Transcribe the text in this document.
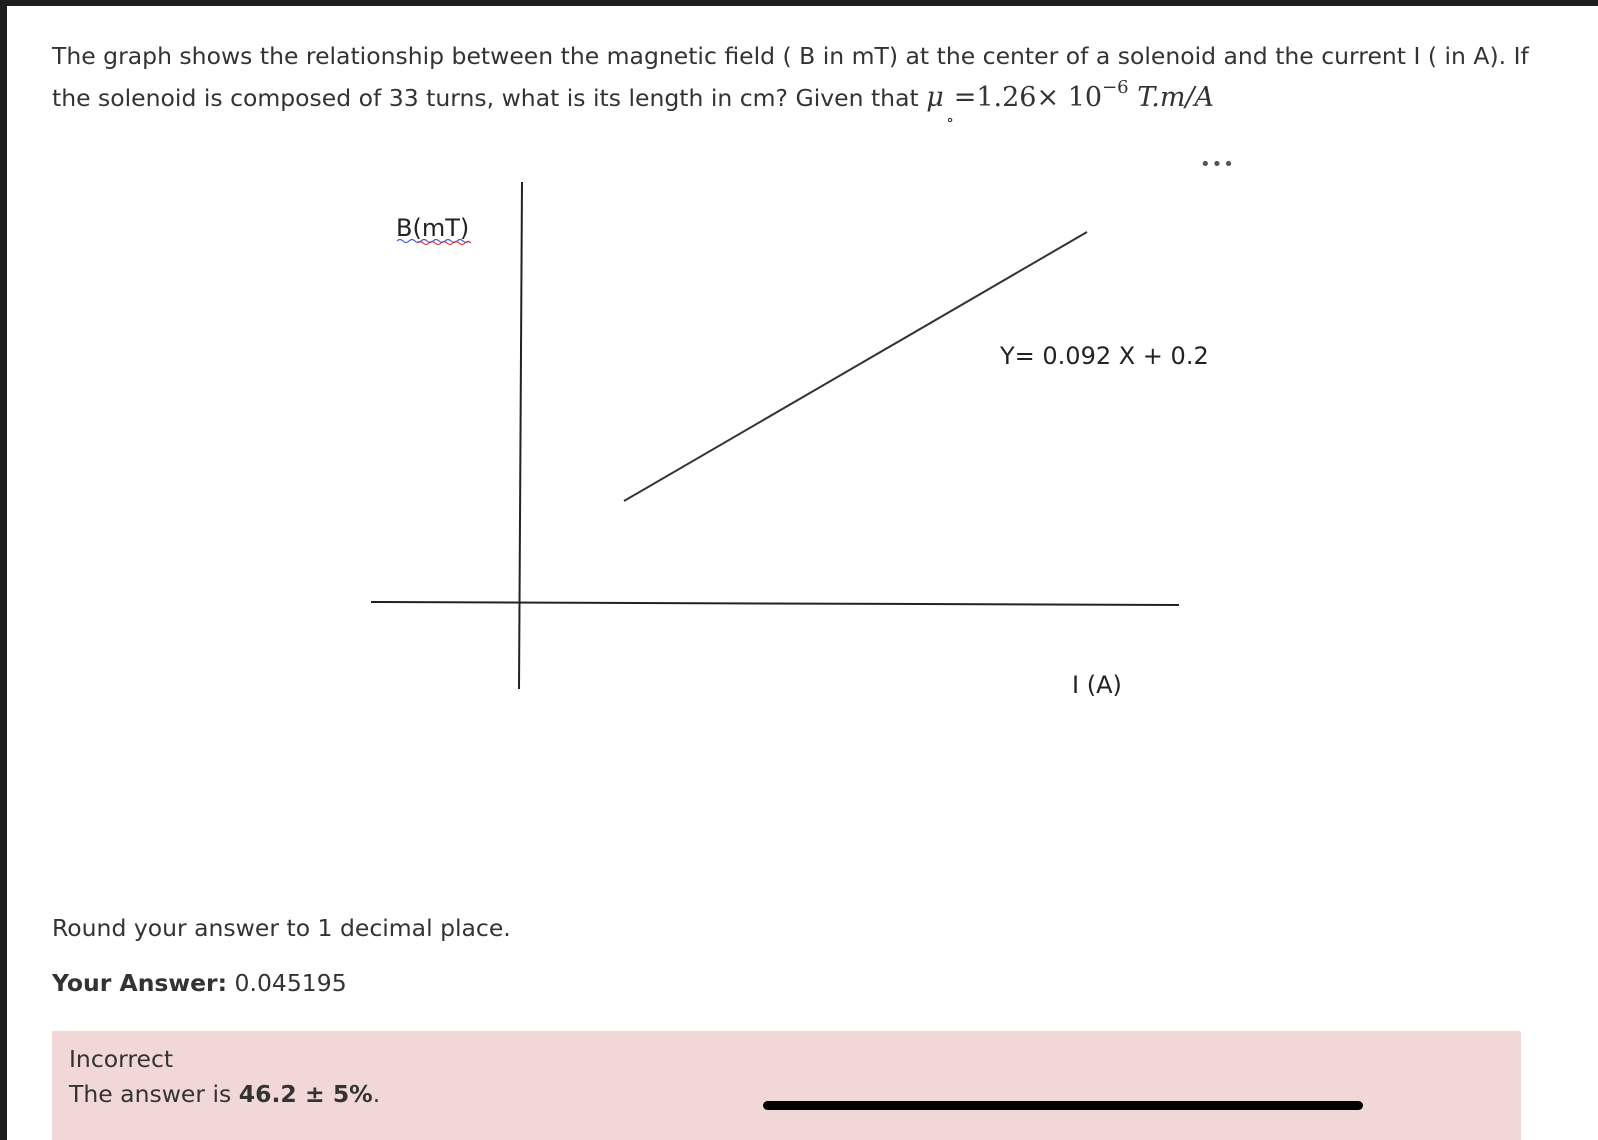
The graph shows the relationship between the magnetic field ( B in mT) at the center of a solenoid and the current I ( in A). If the solenoid is composed of 33 turns, what is its length in cm? Given that μ
∘
$=1.26\times 10^{-6}$ T.m/A
•••
B(mT)
Y= 0.092 X + 0.2
I (A)
Round your answer to 1 decimal place.
Your Answer: 0.045195
Incorrect
The answer is 46.2 ± 5%.
